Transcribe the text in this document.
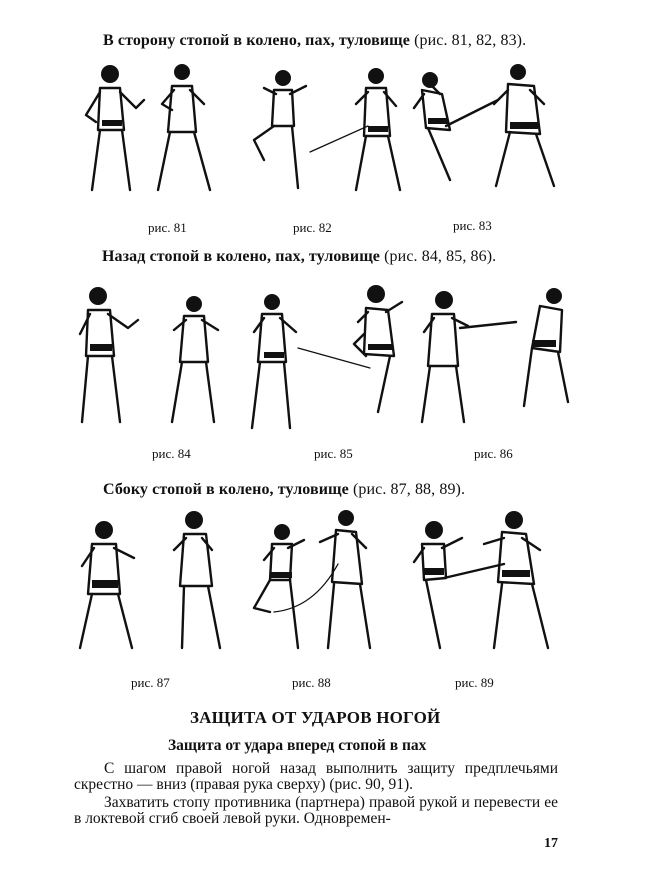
В сторону стопой в колено, пах, туловище (рис. 81, 82, 83).
рис. 81	рис. 82	рис. 83
Назад стопой в колено, пах, туловище (рис. 84, 85, 86).
рис. 84	рис. 85	рис. 86
Сбоку стопой в колено, туловище (рис. 87, 88, 89).
рис. 87	рис. 88	рис. 89
ЗАЩИТА ОТ УДАРОВ НОГОЙ
Защита от удара вперед стопой в пах
С шагом правой ногой назад выполнить защиту предплечьями скрестно — вниз (правая рука сверху) (рис. 90, 91).
Захватить стопу противника (партнера) правой рукой и перевести ее в локтевой сгиб своей левой руки. Одновремен-
17
